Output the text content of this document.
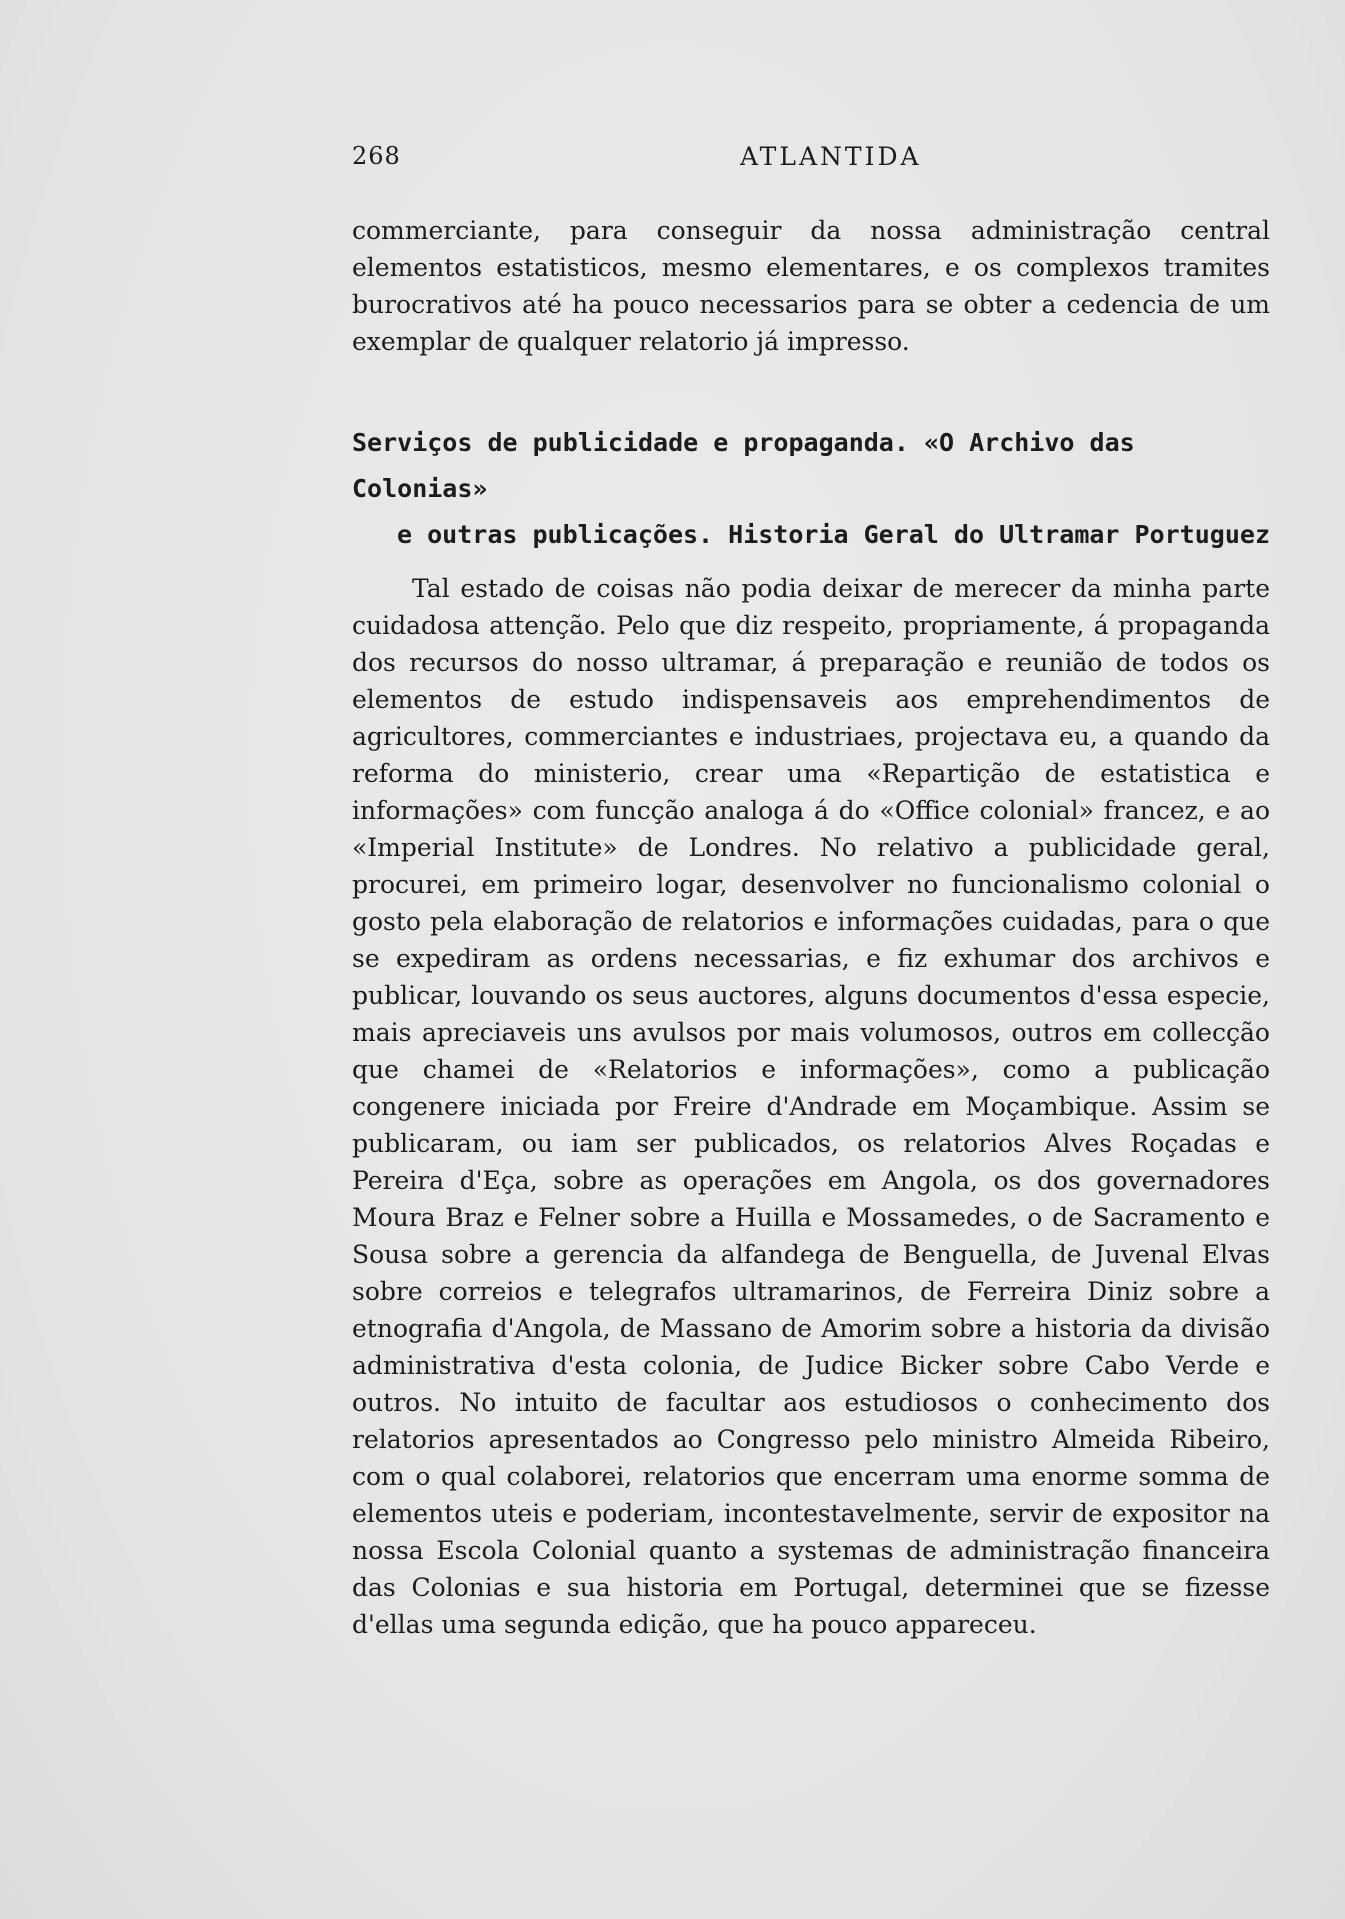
268	ATLANTIDA

commerciante, para conseguir da nossa administração central elementos estatisticos, mesmo elementares, e os complexos tramites burocrativos até ha pouco necessarios para se obter a cedencia de um exemplar de qualquer relatorio já impresso.

Serviços de publicidade e propaganda. «O Archivo das Colonias»
e outras publicações. Historia Geral do Ultramar Portuguez

Tal estado de coisas não podia deixar de merecer da minha parte cuidadosa attenção. Pelo que diz respeito, propriamente, á propaganda dos recursos do nosso ultramar, á preparação e reunião de todos os elementos de estudo indispensaveis aos emprehendimentos de agricultores, commerciantes e industriaes, projectava eu, a quando da reforma do ministerio, crear uma «Repartição de estatistica e informações» com funcção analoga á do «Office colonial» francez, e ao «Imperial Institute» de Londres. No relativo a publicidade geral, procurei, em primeiro logar, desenvolver no funcionalismo colonial o gosto pela elaboração de relatorios e informações cuidadas, para o que se expediram as ordens necessarias, e fiz exhumar dos archivos e publicar, louvando os seus auctores, alguns documentos d'essa especie, mais apreciaveis uns avulsos por mais volumosos, outros em collecção que chamei de «Relatorios e informações», como a publicação congenere iniciada por Freire d'Andrade em Moçambique. Assim se publicaram, ou iam ser publicados, os relatorios Alves Roçadas e Pereira d'Eça, sobre as operações em Angola, os dos governadores Moura Braz e Felner sobre a Huilla e Mossamedes, o de Sacramento e Sousa sobre a gerencia da alfandega de Benguella, de Juvenal Elvas sobre correios e telegrafos ultramarinos, de Ferreira Diniz sobre a etnografia d'Angola, de Massano de Amorim sobre a historia da divisão administrativa d'esta colonia, de Judice Bicker sobre Cabo Verde e outros. No intuito de facultar aos estudiosos o conhecimento dos relatorios apresentados ao Congresso pelo ministro Almeida Ribeiro, com o qual colaborei, relatorios que encerram uma enorme somma de elementos uteis e poderiam, incontestavelmente, servir de expositor na nossa Escola Colonial quanto a systemas de administração financeira das Colonias e sua historia em Portugal, determinei que se fizesse d'ellas uma segunda edição, que ha pouco appareceu.
